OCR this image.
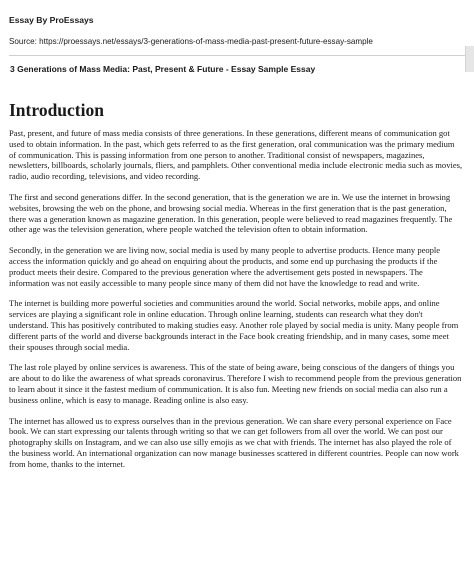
Essay By ProEssays
Source: https://proessays.net/essays/3-generations-of-mass-media-past-present-future-essay-sample
3 Generations of Mass Media: Past, Present & Future - Essay Sample Essay
Introduction

Past, present, and future of mass media consists of three generations. In these generations, different means of communication got used to obtain information. In the past, which gets referred to as the first generation, oral communication was the primary medium of communication. This is passing information from one person to another. Traditional consist of newspapers, magazines, newsletters, billboards, scholarly journals, fliers, and pamphlets. Other conventional media include electronic media such as movies, radio, audio recording, televisions, and video recording.

The first and second generations differ. In the second generation, that is the generation we are in. We use the internet in browsing websites, browsing the web on the phone, and browsing social media. Whereas in the first generation that is the past generation, there was a generation known as magazine generation. In this generation, people were believed to read magazines frequently. The other age was the television generation, where people watched the television often to obtain information.

Secondly, in the generation we are living now, social media is used by many people to advertise products. Hence many people access the information quickly and go ahead on enquiring about the products, and some end up purchasing the products if the product meets their desire. Compared to the previous generation where the advertisement gets posted in newspapers. The information was not easily accessible to many people since many of them did not have the knowledge to read and write.

The internet is building more powerful societies and communities around the world. Social networks, mobile apps, and online services are playing a significant role in online education. Through online learning, students can research what they don't understand. This has positively contributed to making studies easy. Another role played by social media is unity. Many people from different parts of the world and diverse backgrounds interact in the Face book creating friendship, and in many cases, some meet their spouses through social media.

The last role played by online services is awareness. This of the state of being aware, being conscious of the dangers of things you are about to do like the awareness of what spreads coronavirus. Therefore I wish to recommend people from the previous generation to learn about it since it the fastest medium of communication. It is also fun. Meeting new friends on social media can also run a business online, which is easy to manage. Reading online is also easy.

The internet has allowed us to express ourselves than in the previous generation. We can share every personal experience on Face book. We can start expressing our talents through writing so that we can get followers from all over the world. We can post our photography skills on Instagram, and we can also use silly emojis as we chat with friends. The internet has also played the role of the business world. An international organization can now manage businesses scattered in different countries. People can now work from home, thanks to the internet.
